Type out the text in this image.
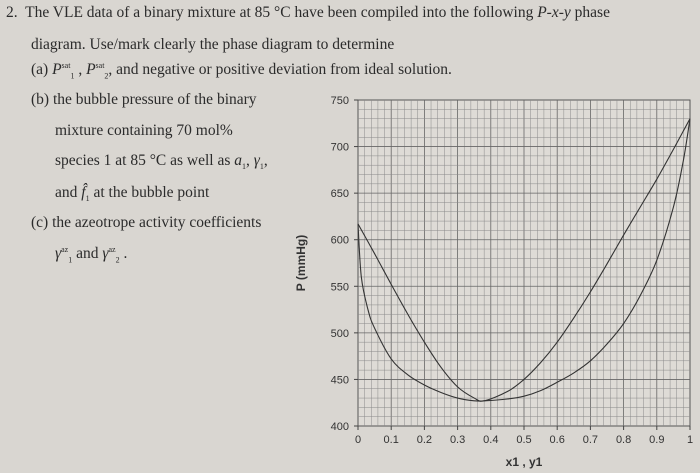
2. The VLE data of a binary mixture at 85 °C have been compiled into the following P-x-y phase
diagram. Use/mark clearly the phase diagram to determine
(a) $P^{sat}_1$ , $P^{sat}_2$, and negative or positive deviation from ideal solution.
(b) the bubble pressure of the binary
mixture containing 70 mol%
species 1 at 85 °C as well as $a_1$, $\gamma_1$,
and $f̂_1$ at the bubble point
(c) the azeotrope activity coefficients
$\gamma^{az}_1$ and $\gamma^{az}_2$ .
0 0.1 0.2 0.3 0.4 0.5 0.6 0.7 0.8 0.9 1
400
450
500
550
600
650
700
750
P (mmHg)
x1 , y1
